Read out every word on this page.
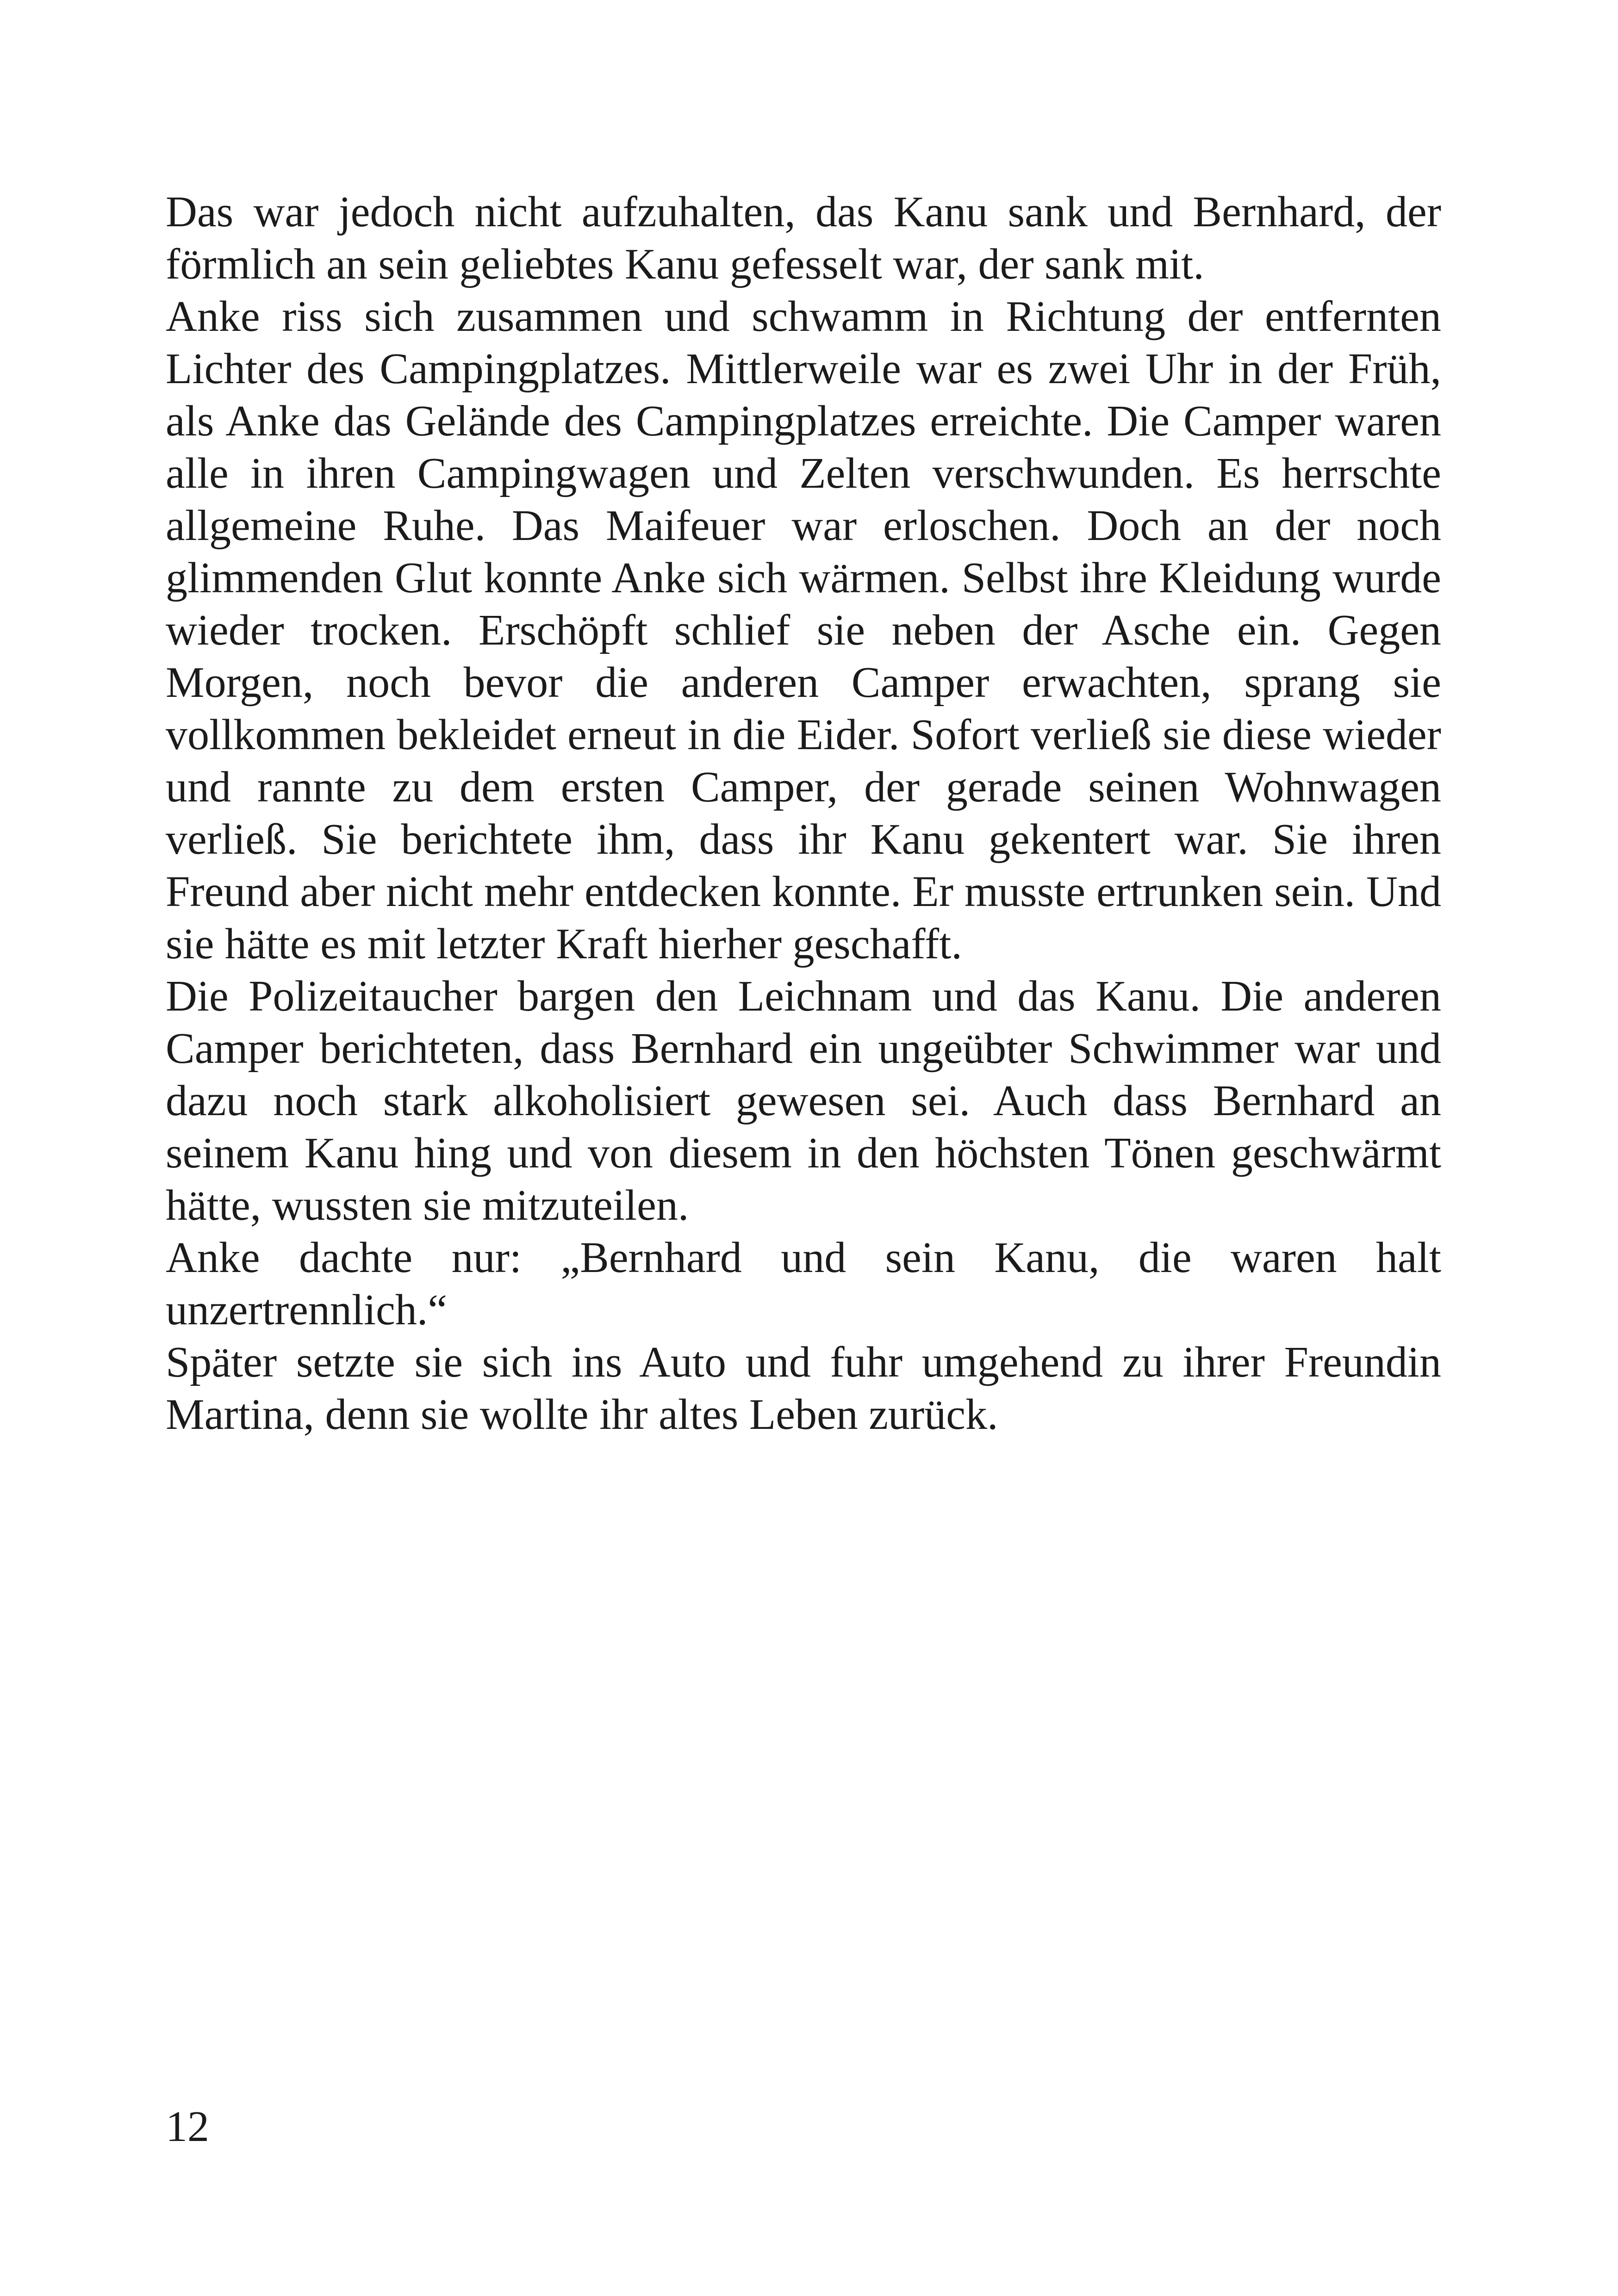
Das war jedoch nicht aufzuhalten, das Kanu sank und Bernhard, der förmlich an sein geliebtes Kanu gefesselt war, der sank mit.

Anke riss sich zusammen und schwamm in Richtung der entfernten Lichter des Campingplatzes. Mittlerweile war es zwei Uhr in der Früh, als Anke das Gelände des Campingplatzes erreichte. Die Camper waren alle in ihren Campingwagen und Zelten verschwunden. Es herrschte allgemeine Ruhe. Das Maifeuer war erloschen. Doch an der noch glimmenden Glut konnte Anke sich wärmen. Selbst ihre Kleidung wurde wieder trocken. Erschöpft schlief sie neben der Asche ein. Gegen Morgen, noch bevor die anderen Camper erwachten, sprang sie vollkommen bekleidet erneut in die Eider. Sofort verließ sie diese wieder und rannte zu dem ersten Camper, der gerade seinen Wohnwagen verließ. Sie berichtete ihm, dass ihr Kanu gekentert war. Sie ihren Freund aber nicht mehr entdecken konnte. Er musste ertrunken sein. Und sie hätte es mit letzter Kraft hierher geschafft.

Die Polizeitaucher bargen den Leichnam und das Kanu. Die anderen Camper berichteten, dass Bernhard ein ungeübter Schwimmer war und dazu noch stark alkoholisiert gewesen sei. Auch dass Bernhard an seinem Kanu hing und von diesem in den höchsten Tönen geschwärmt hätte, wussten sie mitzuteilen.

Anke dachte nur: „Bernhard und sein Kanu, die waren halt unzertrennlich.“

Später setzte sie sich ins Auto und fuhr umgehend zu ihrer Freundin Martina, denn sie wollte ihr altes Leben zurück.

12
